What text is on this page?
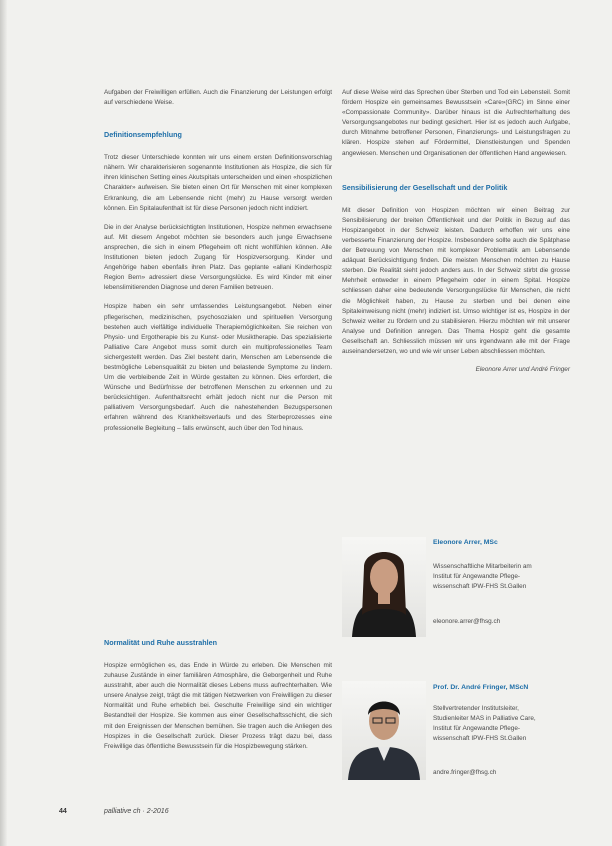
Aufgaben der Freiwilligen erfüllen. Auch die Finanzierung der Leistungen erfolgt auf verschiedene Weise.

Definitionsempfehlung

Trotz dieser Unterschiede konnten wir uns einem ersten Definitionsvorschlag nähern. Wir charakterisieren sogenannte Institutionen als Hospize, die sich für ihren klinischen Setting eines Akutspitals unterscheiden und einen «hospizlichen Charakter» aufweisen. Sie bieten einen Ort für Menschen mit einer komplexen Erkrankung, die am Lebensende nicht (mehr) zu Hause versorgt werden können. Ein Spitalaufenthalt ist für diese Personen jedoch nicht indiziert.

Die in der Analyse berücksichtigten Institutionen, Hospize nehmen erwachsene auf. Mit diesem Angebot möchten sie besonders auch junge Erwachsene ansprechen, die sich in einem Pflegeheim oft nicht wohlfühlen können. Alle Institutionen bieten jedoch Zugang für Hospizversorgung. Kinder und Angehörige haben ebenfalls ihren Platz. Das geplante «allani Kinderhospiz Region Bern» adressiert diese Versorgungslücke. Es wird Kinder mit einer lebenslimitierenden Diagnose und deren Familien betreuen.

Hospize haben ein sehr umfassendes Leistungsangebot. Neben einer pflegerischen, medizinischen, psychosozialen und spirituellen Versorgung bestehen auch vielfältige individuelle Therapiemöglichkeiten. Sie reichen von Physio- und Ergotherapie bis zu Kunst- oder Musiktherapie. Das spezialisierte Palliative Care Angebot muss somit durch ein multiprofessionelles Team sichergestellt werden. Das Ziel besteht darin, Menschen am Lebensende die bestmögliche Lebensqualität zu bieten und belastende Symptome zu lindern. Um die verbleibende Zeit in Würde gestalten zu können. Dies erfordert, die Wünsche und Bedürfnisse der betroffenen Menschen zu erkennen und zu berücksichtigen. Aufenthaltsrecht erhält jedoch nicht nur die Person mit palliativem Versorgungsbedarf. Auch die nahestehenden Bezugspersonen erfahren während des Krankheitsverlaufs und des Sterbeprozesses eine professionelle Begleitung – falls erwünscht, auch über den Tod hinaus.

Normalität und Ruhe ausstrahlen

Hospize ermöglichen es, das Ende in Würde zu erleben. Die Menschen mit zuhause Zustände in einer familiären Atmosphäre, die Geborgenheit und Ruhe ausstrahlt, aber auch die Normalität dieses Lebens muss aufrechterhalten. Wie unsere Analyse zeigt, trägt die mit tätigen Netzwerken von Freiwilligen zu dieser Normalität und Ruhe erheblich bei. Geschulte Freiwillige sind ein wichtiger Bestandteil der Hospize. Sie kommen aus einer Gesellschaftsschicht, die sich mit den Ereignissen der Menschen bemühen. Sie tragen auch die Anliegen des Hospizes in die Gesellschaft zurück. Dieser Prozess trägt dazu bei, dass Freiwillige das öffentliche Bewusstsein für die Hospizbewegung stärken.

Auf diese Weise wird das Sprechen über Sterben und Tod ein Lebensteil. Somit fördern Hospize ein gemeinsames Bewusstsein «Care»(GRC) im Sinne einer «Compassionate Community». Darüber hinaus ist die Aufrechterhaltung des Versorgungsangebotes nur bedingt gesichert. Hier ist es jedoch auch Aufgabe, durch Mitnahme betroffener Personen, Finanzierungs- und Leistungsfragen zu klären. Hospize stehen auf Fördermittel, Dienstleistungen und Spenden angewiesen. Menschen und Organisationen der öffentlichen Hand angewiesen.

Sensibilisierung der Gesellschaft und der Politik

Mit dieser Definition von Hospizen möchten wir einen Beitrag zur Sensibilisierung der breiten Öffentlichkeit und der Politik in Bezug auf das Hospizangebot in der Schweiz leisten. Dadurch erhoffen wir uns eine verbesserte Finanzierung der Hospize. Insbesondere sollte auch die Spätphase der Betreuung von Menschen mit komplexer Problematik am Lebensende adäquat Berücksichtigung finden. Die meisten Menschen möchten zu Hause sterben. Die Realität sieht jedoch anders aus. In der Schweiz stirbt die grosse Mehrheit entweder in einem Pflegeheim oder in einem Spital. Hospize schliessen daher eine bedeutende Versorgungslücke für Menschen, die nicht die Möglichkeit haben, zu Hause zu sterben und bei denen eine Spitaleinweisung nicht (mehr) indiziert ist. Umso wichtiger ist es, Hospize in der Schweiz weiter zu fördern und zu stabilisieren. Hierzu möchten wir mit unserer Analyse und Definition anregen. Das Thema Hospiz geht die gesamte Gesellschaft an. Schliesslich müssen wir uns irgendwann alle mit der Frage auseinandersetzen, wo und wie wir unser Leben abschliessen möchten.

Eleonore Arrer und André Fringer
Eleonore Arrer, MSc
Wissenschaftliche Mitarbeiterin am
Institut für Angewandte Pflege-
wissenschaft IPW-FHS St.Gallen
eleonore.arrer@fhsg.ch
Prof. Dr. André Fringer, MScN
Stellvertretender Institutsleiter,
Studienleiter MAS in Palliative Care,
Institut für Angewandte Pflege-
wissenschaft IPW-FHS St.Gallen
andre.fringer@fhsg.ch
44	palliative ch · 2-2016
